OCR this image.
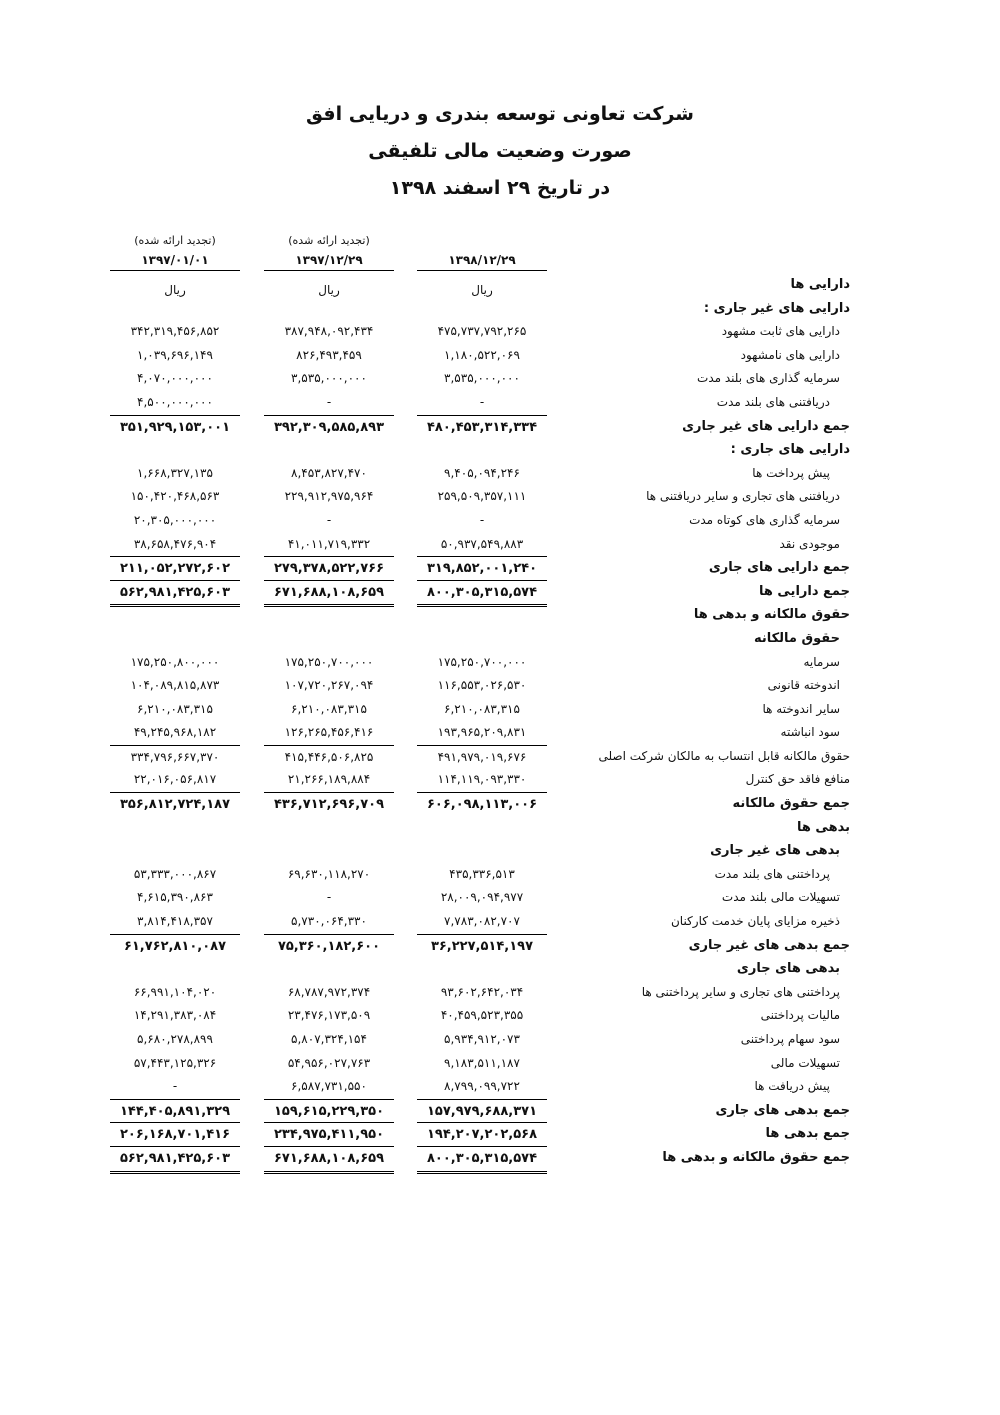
شرکت تعاونی توسعه بندری و دریایی افق
صورت وضعیت مالی تلفیقی
در تاریخ ۲۹ اسفند ۱۳۹۸
۱۳۹۸/۱۲/۲۹
ریال
(تجدید ارائه شده)
۱۳۹۷/۱۲/۲۹
ریال
(تجدید ارائه شده)
۱۳۹۷/۰۱/۰۱
ریال	دارایی ها
دارایی های غیر جاری :
دارایی های ثابت مشهود
۴۷۵,۷۳۷,۷۹۲,۲۶۵
۳۸۷,۹۴۸,۰۹۲,۴۳۴
۳۴۲,۳۱۹,۴۵۶,۸۵۲
دارایی های نامشهود
۱,۱۸۰,۵۲۲,۰۶۹
۸۲۶,۴۹۳,۴۵۹
۱,۰۳۹,۶۹۶,۱۴۹
سرمایه گذاری های بلند مدت
۳,۵۳۵,۰۰۰,۰۰۰
۳,۵۳۵,۰۰۰,۰۰۰
۴,۰۷۰,۰۰۰,۰۰۰
دریافتنی های بلند مدت
-
-
۴,۵۰۰,۰۰۰,۰۰۰
جمع دارایی های غیر جاری
۴۸۰,۴۵۳,۳۱۴,۳۳۴
۳۹۲,۳۰۹,۵۸۵,۸۹۳
۳۵۱,۹۲۹,۱۵۳,۰۰۱
دارایی های جاری :
پیش پرداخت ها
۹,۴۰۵,۰۹۴,۲۴۶
۸,۴۵۳,۸۲۷,۴۷۰
۱,۶۶۸,۳۲۷,۱۳۵
دریافتنی های تجاری و سایر دریافتنی ها
۲۵۹,۵۰۹,۳۵۷,۱۱۱
۲۲۹,۹۱۲,۹۷۵,۹۶۴
۱۵۰,۴۲۰,۴۶۸,۵۶۳
سرمایه گذاری های کوتاه مدت
-
-
۲۰,۳۰۵,۰۰۰,۰۰۰
موجودی نقد
۵۰,۹۳۷,۵۴۹,۸۸۳
۴۱,۰۱۱,۷۱۹,۳۳۲
۳۸,۶۵۸,۴۷۶,۹۰۴
جمع دارایی های جاری
۳۱۹,۸۵۲,۰۰۱,۲۴۰
۲۷۹,۳۷۸,۵۲۲,۷۶۶
۲۱۱,۰۵۲,۲۷۲,۶۰۲
جمع دارایی ها
۸۰۰,۳۰۵,۳۱۵,۵۷۴
۶۷۱,۶۸۸,۱۰۸,۶۵۹
۵۶۲,۹۸۱,۴۲۵,۶۰۳
حقوق مالکانه و بدهی ها
حقوق مالکانه
سرمایه
۱۷۵,۲۵۰,۷۰۰,۰۰۰
۱۷۵,۲۵۰,۷۰۰,۰۰۰
۱۷۵,۲۵۰,۸۰۰,۰۰۰
اندوخته قانونی
۱۱۶,۵۵۳,۰۲۶,۵۳۰
۱۰۷,۷۲۰,۲۶۷,۰۹۴
۱۰۴,۰۸۹,۸۱۵,۸۷۳
سایر اندوخته ها
۶,۲۱۰,۰۸۳,۳۱۵
۶,۲۱۰,۰۸۳,۳۱۵
۶,۲۱۰,۰۸۳,۳۱۵
سود انباشته
۱۹۳,۹۶۵,۲۰۹,۸۳۱
۱۲۶,۲۶۵,۴۵۶,۴۱۶
۴۹,۲۴۵,۹۶۸,۱۸۲
حقوق مالکانه قابل انتساب به مالکان شرکت اصلی
۴۹۱,۹۷۹,۰۱۹,۶۷۶
۴۱۵,۴۴۶,۵۰۶,۸۲۵
۳۳۴,۷۹۶,۶۶۷,۳۷۰
منافع فاقد حق کنترل
۱۱۴,۱۱۹,۰۹۳,۳۳۰
۲۱,۲۶۶,۱۸۹,۸۸۴
۲۲,۰۱۶,۰۵۶,۸۱۷
جمع حقوق مالکانه
۶۰۶,۰۹۸,۱۱۳,۰۰۶
۴۳۶,۷۱۲,۶۹۶,۷۰۹
۳۵۶,۸۱۲,۷۲۴,۱۸۷
بدهی ها
بدهی های غیر جاری
پرداختنی های بلند مدت
۴۳۵,۳۳۶,۵۱۳
۶۹,۶۳۰,۱۱۸,۲۷۰
۵۳,۳۳۳,۰۰۰,۸۶۷
تسهیلات مالی بلند مدت
۲۸,۰۰۹,۰۹۴,۹۷۷
-
۴,۶۱۵,۳۹۰,۸۶۳
ذخیره مزایای پایان خدمت کارکنان
۷,۷۸۳,۰۸۲,۷۰۷
۵,۷۳۰,۰۶۴,۳۳۰
۳,۸۱۴,۴۱۸,۳۵۷
جمع بدهی های غیر جاری
۳۶,۲۲۷,۵۱۴,۱۹۷
۷۵,۳۶۰,۱۸۲,۶۰۰
۶۱,۷۶۲,۸۱۰,۰۸۷
بدهی های جاری
پرداختنی های تجاری و سایر پرداختنی ها
۹۳,۶۰۲,۶۴۲,۰۳۴
۶۸,۷۸۷,۹۷۲,۳۷۴
۶۶,۹۹۱,۱۰۴,۰۲۰
مالیات پرداختنی
۴۰,۴۵۹,۵۲۳,۳۵۵
۲۳,۴۷۶,۱۷۳,۵۰۹
۱۴,۲۹۱,۳۸۳,۰۸۴
سود سهام پرداختنی
۵,۹۳۴,۹۱۲,۰۷۳
۵,۸۰۷,۳۲۴,۱۵۴
۵,۶۸۰,۲۷۸,۸۹۹
تسهیلات مالی
۹,۱۸۳,۵۱۱,۱۸۷
۵۴,۹۵۶,۰۲۷,۷۶۳
۵۷,۴۴۳,۱۲۵,۳۲۶
پیش دریافت ها
۸,۷۹۹,۰۹۹,۷۲۲
۶,۵۸۷,۷۳۱,۵۵۰
-
جمع بدهی های جاری
۱۵۷,۹۷۹,۶۸۸,۳۷۱
۱۵۹,۶۱۵,۲۲۹,۳۵۰
۱۴۴,۴۰۵,۸۹۱,۳۲۹
جمع بدهی ها
۱۹۴,۲۰۷,۲۰۲,۵۶۸
۲۳۴,۹۷۵,۴۱۱,۹۵۰
۲۰۶,۱۶۸,۷۰۱,۴۱۶
جمع حقوق مالکانه و بدهی ها
۸۰۰,۳۰۵,۳۱۵,۵۷۴
۶۷۱,۶۸۸,۱۰۸,۶۵۹
۵۶۲,۹۸۱,۴۲۵,۶۰۳
